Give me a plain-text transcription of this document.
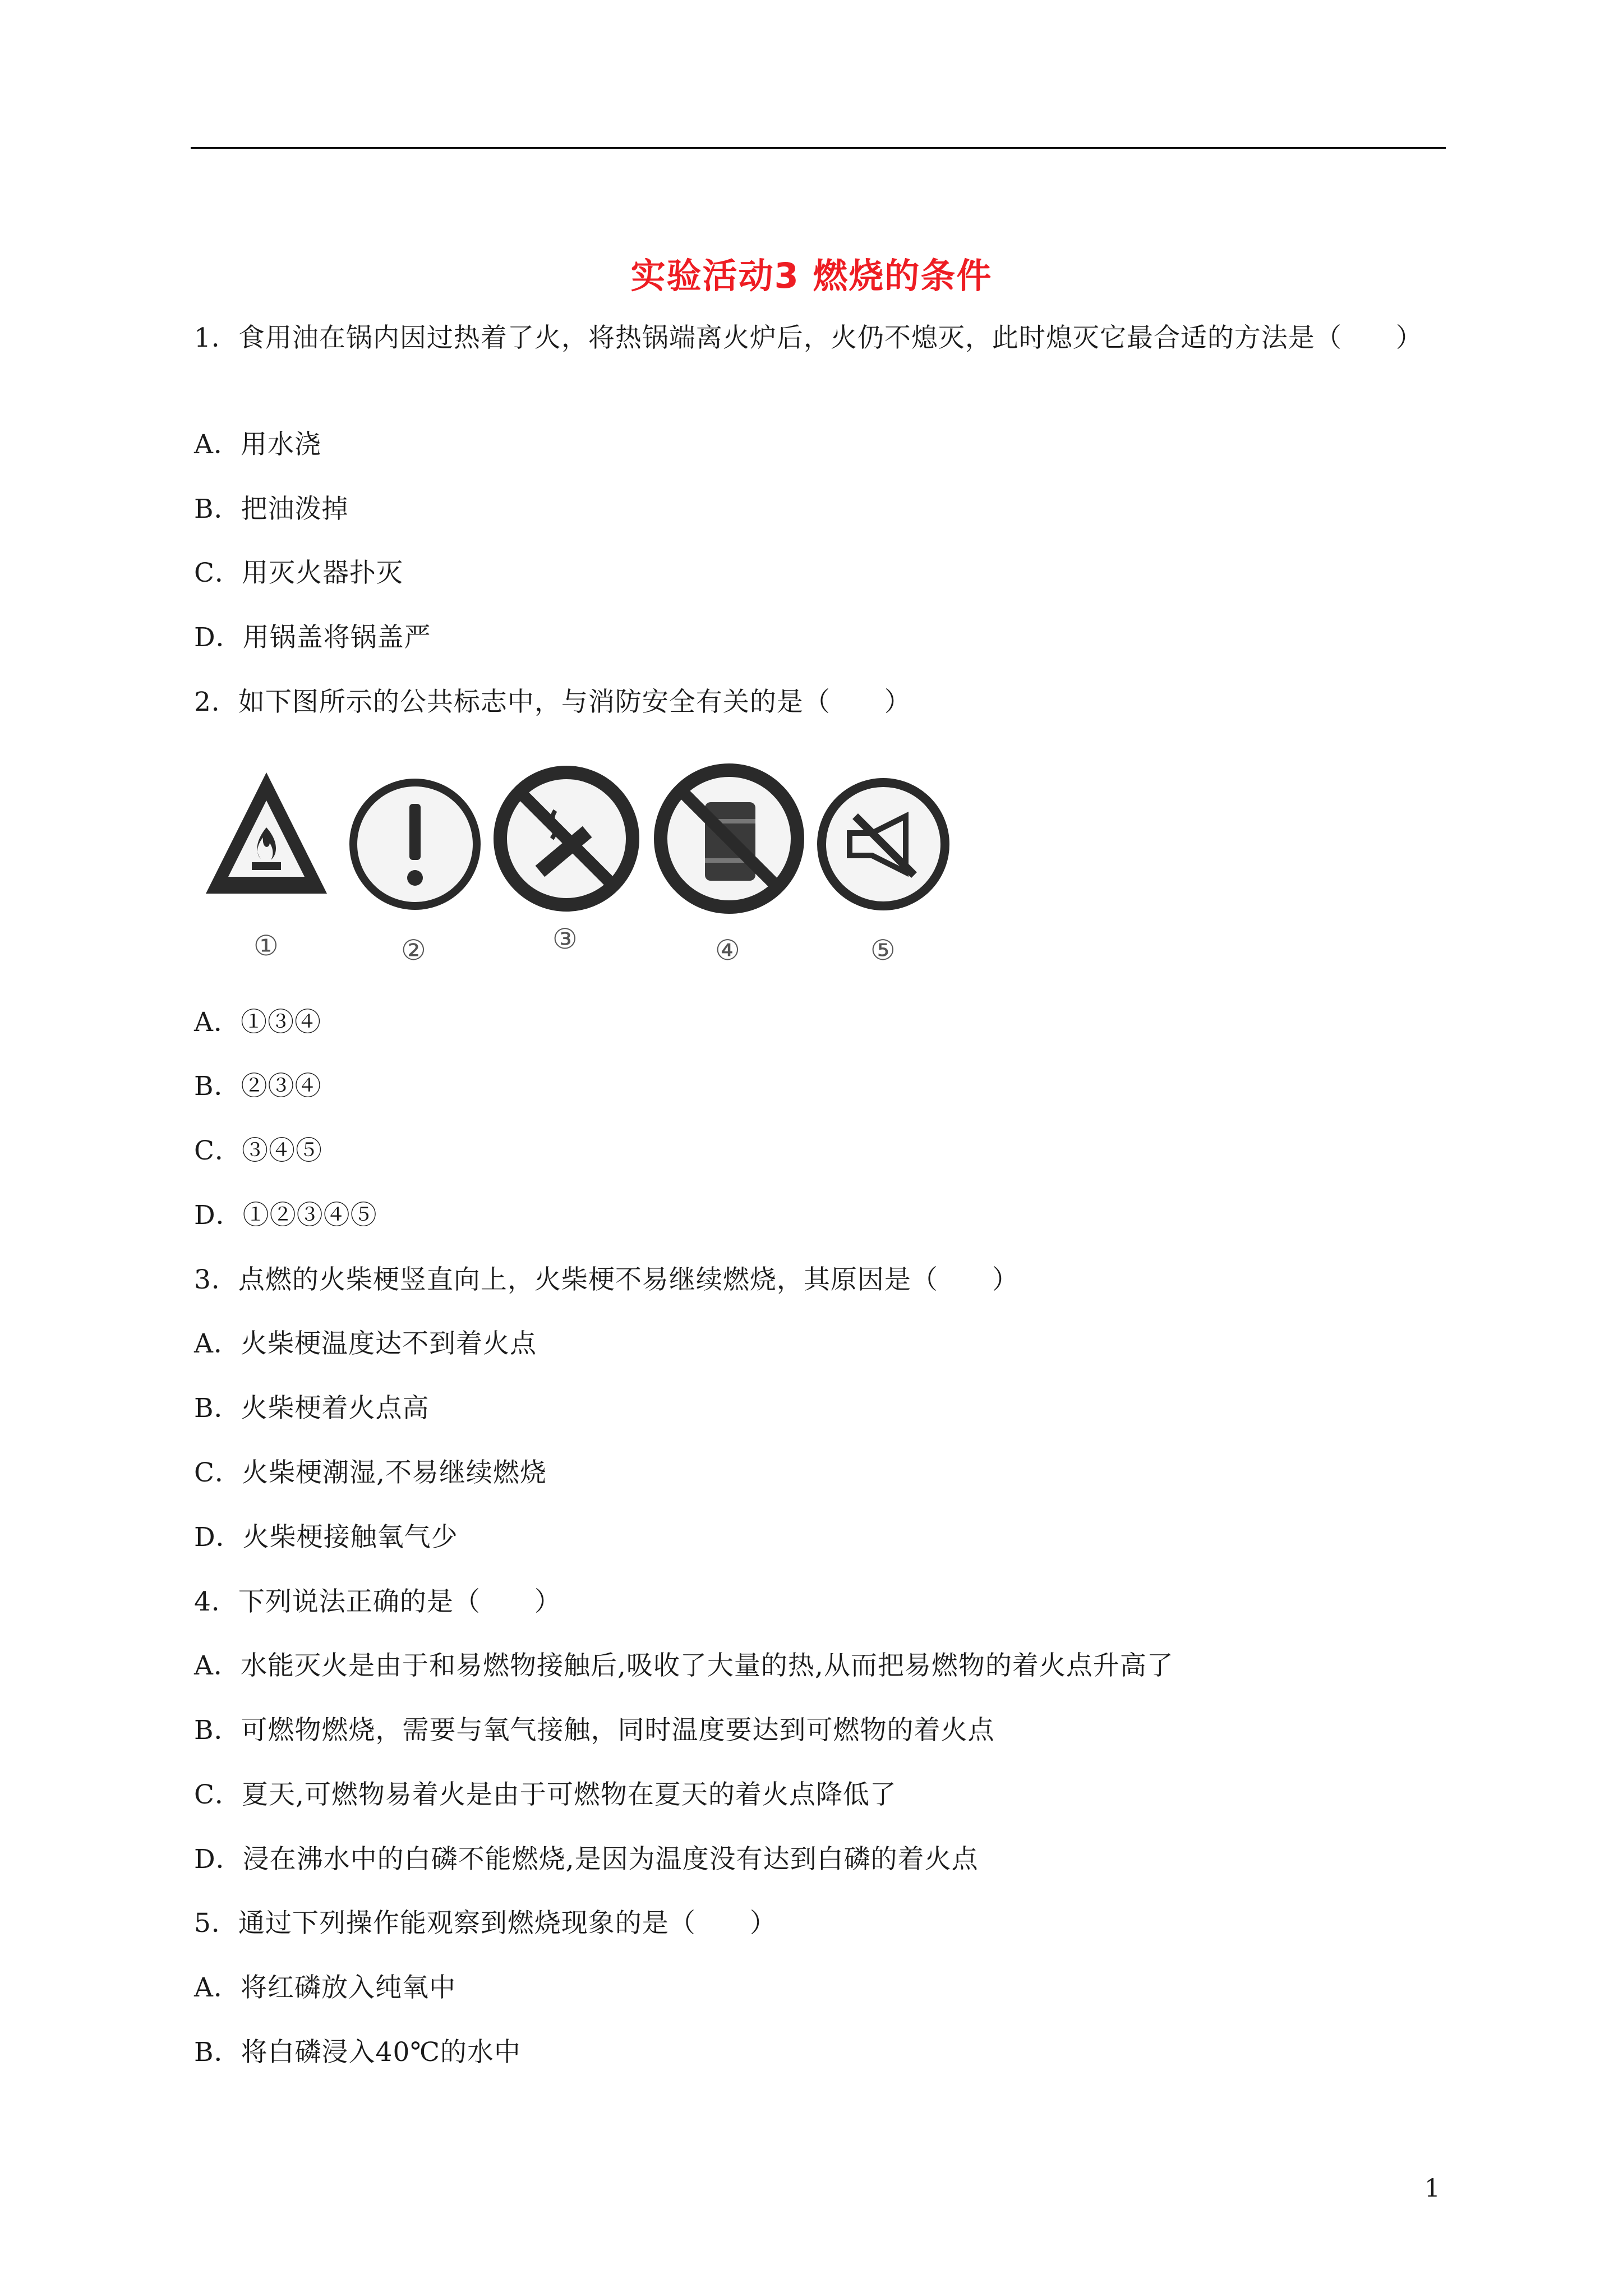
实验活动3 燃烧的条件
1．食用油在锅内因过热着了火，将热锅端离火炉后，火仍不熄灭，此时熄灭它最合适的方法是（　　）
A．用水浇
B．把油泼掉
C．用灭火器扑灭
D．用锅盖将锅盖严
2．如下图所示的公共标志中，与消防安全有关的是（　　）
①	②	③	④	⑤
A．①③④
B．②③④
C．③④⑤
D．①②③④⑤
3．点燃的火柴梗竖直向上，火柴梗不易继续燃烧，其原因是（　　）
A．火柴梗温度达不到着火点
B．火柴梗着火点高
C．火柴梗潮湿,不易继续燃烧
D．火柴梗接触氧气少
4．下列说法正确的是（　　）
A．水能灭火是由于和易燃物接触后,吸收了大量的热,从而把易燃物的着火点升高了
B．可燃物燃烧，需要与氧气接触，同时温度要达到可燃物的着火点
C．夏天,可燃物易着火是由于可燃物在夏天的着火点降低了
D．浸在沸水中的白磷不能燃烧,是因为温度没有达到白磷的着火点
5．通过下列操作能观察到燃烧现象的是（　　）
A．将红磷放入纯氧中
B．将白磷浸入40℃的水中
1
